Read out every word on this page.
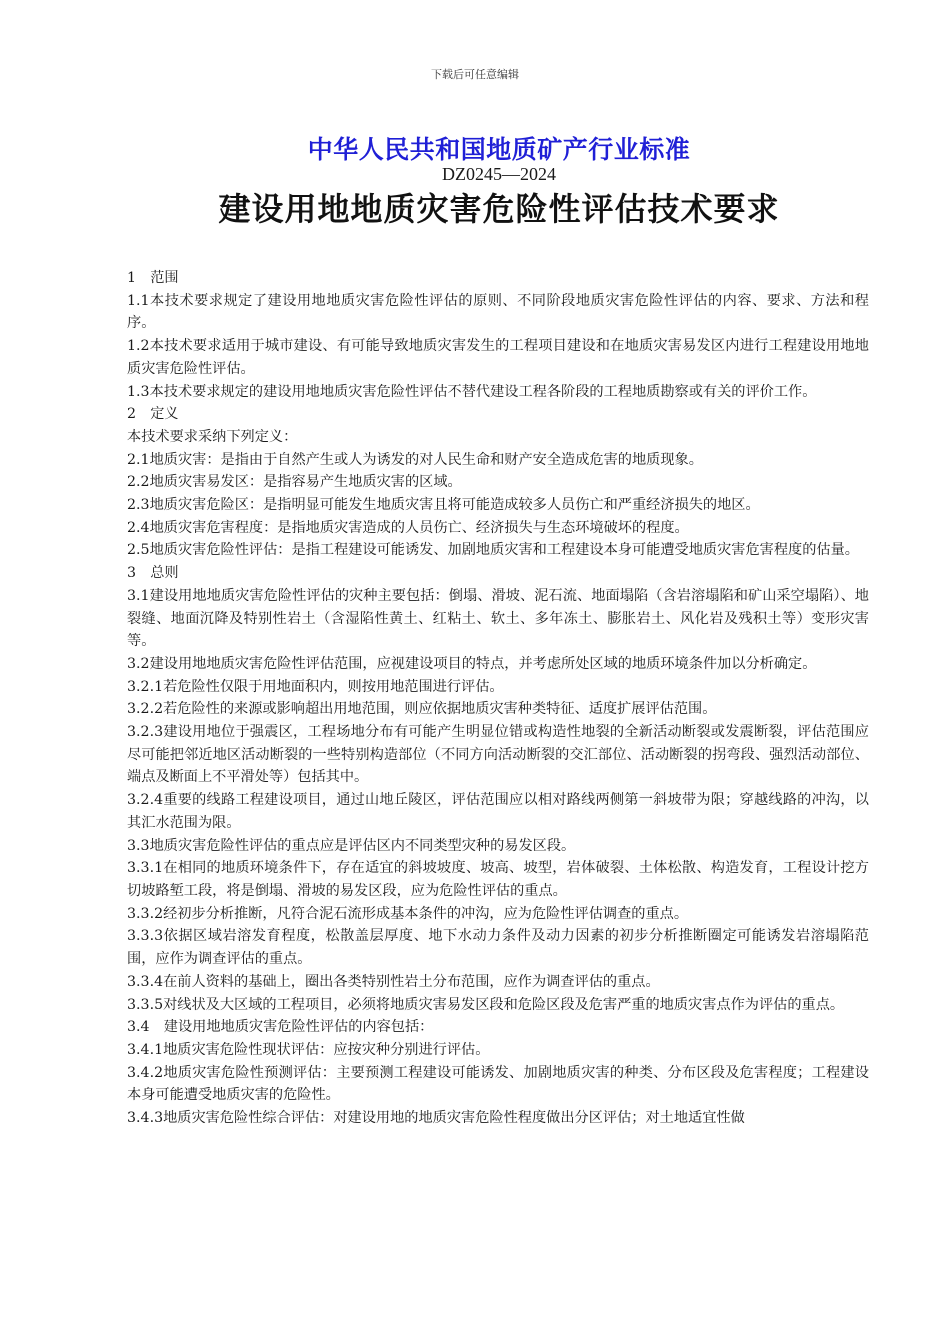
下载后可任意编辑
中华人民共和国地质矿产行业标准
DZ0245—2024
建设用地地质灾害危险性评估技术要求

1　范围

1.1本技术要求规定了建设用地地质灾害危险性评估的原则、不同阶段地质灾害危险性评估的内容、要求、方法和程序。

1.2本技术要求适用于城市建设、有可能导致地质灾害发生的工程项目建设和在地质灾害易发区内进行工程建设用地地质灾害危险性评估。

1.3本技术要求规定的建设用地地质灾害危险性评估不替代建设工程各阶段的工程地质勘察或有关的评价工作。

2　定义

本技术要求采纳下列定义：

2.1地质灾害：是指由于自然产生或人为诱发的对人民生命和财产安全造成危害的地质现象。

2.2地质灾害易发区：是指容易产生地质灾害的区域。

2.3地质灾害危险区：是指明显可能发生地质灾害且将可能造成较多人员伤亡和严重经济损失的地区。

2.4地质灾害危害程度：是指地质灾害造成的人员伤亡、经济损失与生态环境破坏的程度。

2.5地质灾害危险性评估：是指工程建设可能诱发、加剧地质灾害和工程建设本身可能遭受地质灾害危害程度的估量。

3　总则

3.1建设用地地质灾害危险性评估的灾种主要包括：倒塌、滑坡、泥石流、地面塌陷（含岩溶塌陷和矿山采空塌陷）、地裂缝、地面沉降及特别性岩土（含湿陷性黄土、红粘土、软土、多年冻土、膨胀岩土、风化岩及残积土等）变形灾害等。

3.2建设用地地质灾害危险性评估范围，应视建设项目的特点，并考虑所处区域的地质环境条件加以分析确定。

3.2.1若危险性仅限于用地面积内，则按用地范围进行评估。

3.2.2若危险性的来源或影响超出用地范围，则应依据地质灾害种类特征、适度扩展评估范围。

3.2.3建设用地位于强震区，工程场地分布有可能产生明显位错或构造性地裂的全新活动断裂或发震断裂，评估范围应尽可能把邻近地区活动断裂的一些特别构造部位（不同方向活动断裂的交汇部位、活动断裂的拐弯段、强烈活动部位、端点及断面上不平滑处等）包括其中。

3.2.4重要的线路工程建设项目，通过山地丘陵区，评估范围应以相对路线两侧第一斜坡带为限；穿越线路的冲沟，以其汇水范围为限。

3.3地质灾害危险性评估的重点应是评估区内不同类型灾种的易发区段。

3.3.1在相同的地质环境条件下，存在适宜的斜坡坡度、坡高、坡型，岩体破裂、土体松散、构造发育，工程设计挖方切坡路堑工段，将是倒塌、滑坡的易发区段，应为危险性评估的重点。

3.3.2经初步分析推断，凡符合泥石流形成基本条件的冲沟，应为危险性评估调查的重点。

3.3.3依据区域岩溶发育程度，松散盖层厚度、地下水动力条件及动力因素的初步分析推断圈定可能诱发岩溶塌陷范围，应作为调查评估的重点。

3.3.4在前人资料的基础上，圈出各类特别性岩土分布范围，应作为调查评估的重点。

3.3.5对线状及大区域的工程项目，必须将地质灾害易发区段和危险区段及危害严重的地质灾害点作为评估的重点。

3.4　建设用地地质灾害危险性评估的内容包括：

3.4.1地质灾害危险性现状评估：应按灾种分别进行评估。

3.4.2地质灾害危险性预测评估：主要预测工程建设可能诱发、加剧地质灾害的种类、分布区段及危害程度；工程建设本身可能遭受地质灾害的危险性。

3.4.3地质灾害危险性综合评估：对建设用地的地质灾害危险性程度做出分区评估；对土地适宜性做
